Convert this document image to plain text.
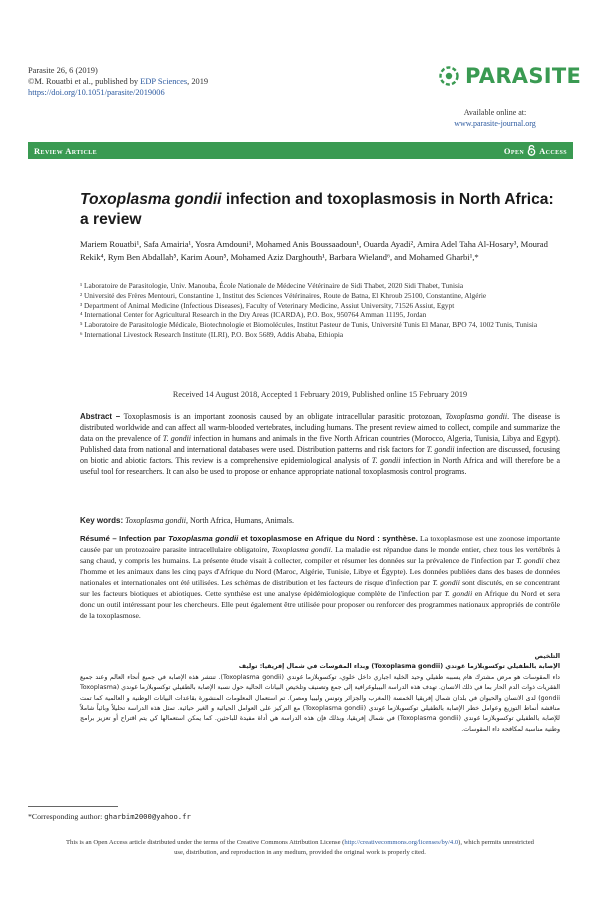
Parasite 26, 6 (2019)
©M. Rouatbi et al., published by EDP Sciences, 2019
https://doi.org/10.1051/parasite/2019006
PARASITE
Available online at:
www.parasite-journal.org
Review Article	Open Access
Toxoplasma gondii infection and toxoplasmosis in North Africa: a review
Mariem Rouatbi¹, Safa Amairia¹, Yosra Amdouni¹, Mohamed Anis Boussaadoun¹, Ouarda Ayadi², Amira Adel Taha Al-Hosary³, Mourad Rekik⁴, Rym Ben Abdallah⁵, Karim Aoun⁵, Mohamed Aziz Darghouth¹, Barbara Wieland⁶, and Mohamed Gharbi¹,*

¹ Laboratoire de Parasitologie, Univ. Manouba, École Nationale de Médecine Vétérinaire de Sidi Thabet, 2020 Sidi Thabet, Tunisia

² Université des Frères Mentouri, Constantine 1, Institut des Sciences Vétérinaires, Route de Batna, El Khroub 25100, Constantine, Algérie

³ Department of Animal Medicine (Infectious Diseases), Faculty of Veterinary Medicine, Assiut University, 71526 Assiut, Egypt

⁴ International Center for Agricultural Research in the Dry Areas (ICARDA), P.O. Box, 950764 Amman 11195, Jordan

⁵ Laboratoire de Parasitologie Médicale, Biotechnologie et Biomolécules, Institut Pasteur de Tunis, Université Tunis El Manar, BPO 74, 1002 Tunis, Tunisia

⁶ International Livestock Research Institute (ILRI), P.O. Box 5689, Addis Ababa, Ethiopia

Received 14 August 2018, Accepted 1 February 2019, Published online 15 February 2019
Abstract – Toxoplasmosis is an important zoonosis caused by an obligate intracellular parasitic protozoan, Toxoplasma gondii. The disease is distributed worldwide and can affect all warm-blooded vertebrates, including humans. The present review aimed to collect, compile and summarize the data on the prevalence of T. gondii infection in humans and animals in the five North African countries (Morocco, Algeria, Tunisia, Libya and Egypt). Published data from national and international databases were used. Distribution patterns and risk factors for T. gondii infection are discussed, focusing on biotic and abiotic factors. This review is a comprehensive epidemiological analysis of T. gondii infection in North Africa and will therefore be a useful tool for researchers. It can also be used to propose or enhance appropriate national toxoplasmosis control programs.
Key words: Toxoplasma gondii, North Africa, Humans, Animals.
Résumé – Infection par Toxoplasma gondii et toxoplasmose en Afrique du Nord : synthèse. La toxoplasmose est une zoonose importante causée par un protozoaire parasite intracellulaire obligatoire, Toxoplasma gondii. La maladie est répandue dans le monde entier, chez tous les vertébrés à sang chaud, y compris les humains. La présente étude visait à collecter, compiler et résumer les données sur la prévalence de l'infection par T. gondii chez l'homme et les animaux dans les cinq pays d'Afrique du Nord (Maroc, Algérie, Tunisie, Libye et Égypte). Les données publiées dans des bases de données nationales et internationales ont été utilisées. Les schémas de distribution et les facteurs de risque d'infection par T. gondii sont discutés, en se concentrant sur les facteurs biotiques et abiotiques. Cette synthèse est une analyse épidémiologique complète de l'infection par T. gondii en Afrique du Nord et sera donc un outil intéressant pour les chercheurs. Elle peut également être utilisée pour proposer ou renforcer des programmes nationaux appropriés de contrôle de la toxoplasmose.
التلخيص
الإصابة بالطفيلي توكسوبلازما غوندي (Toxoplasma gondii) وبداء المقوسات في شمال إفريقيا: توليف
داء المقوسات هو مرض مشترك هام يسببه طفيلي وحيد الخلية اجباري داخل خلوي، توكسوبلازما غوندي (Toxoplasma gondii). تنتشر هذه الإصابة في جميع أنحاء العالم وعند جميع الفقريات ذوات الدم الحار بما في ذلك الانسان. تهدف هذه الدراسة البيبلوغرافية إلى جمع وتصنيف وتلخيص البيانات الحالية حول نسبة الإصابة بالطفيلي توكسوبلازما غوندي (Toxoplasma gondii) لدى الانسان والحيوان في بلدان شمال إفريقيا الخمسة (المغرب والجزائر وتونس وليبيا ومصر). تم استعمال المعلومات المنشورة بقاعدات البيانات الوطنية و العالمية كما تمت مناقشة أنماط التوزيع وعوامل خطر الإصابة بالطفيلي توكسوبلازما غوندي (Toxoplasma gondii) مع التركيز على العوامل الحيائية و الغير حيائية. تمثل هذه الدراسة تحليلاً وبائياً شاملاً للإصابة بالطفيلي توكسوبلازما غوندي (Toxoplasma gondii) في شمال إفريقيا، وبذلك فإن هذه الدراسة هي أداة مفيدة للباحثين. كما يمكن استعمالها كي يتم اقتراح أو تعزيز برامج وطنية مناسبة لمكافحة داء المقوسات.
*Corresponding author: gharbim2000@yahoo.fr
This is an Open Access article distributed under the terms of the Creative Commons Attribution License (http://creativecommons.org/licenses/by/4.0), which permits unrestricted use, distribution, and reproduction in any medium, provided the original work is properly cited.
